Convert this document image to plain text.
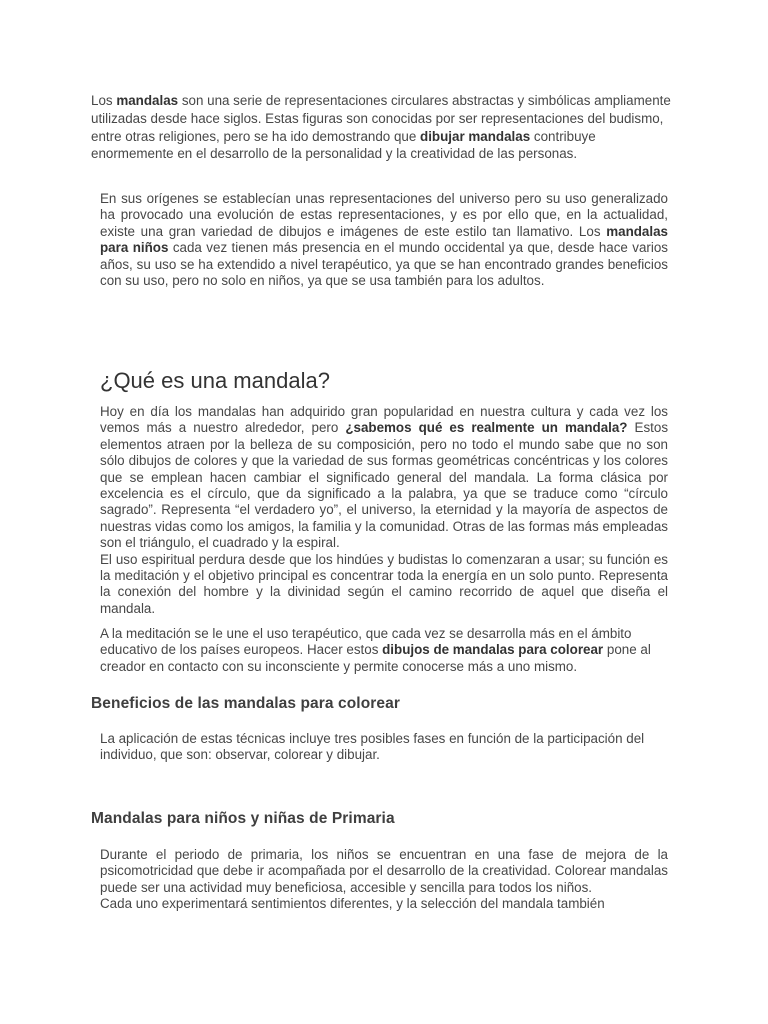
Los mandalas son una serie de representaciones circulares abstractas y simbólicas ampliamente utilizadas desde hace siglos. Estas figuras son conocidas por ser representaciones del budismo, entre otras religiones, pero se ha ido demostrando que dibujar mandalas contribuye enormemente en el desarrollo de la personalidad y la creatividad de las personas.

En sus orígenes se establecían unas representaciones del universo pero su uso generalizado ha provocado una evolución de estas representaciones, y es por ello que, en la actualidad, existe una gran variedad de dibujos e imágenes de este estilo tan llamativo. Los mandalas para niños cada vez tienen más presencia en el mundo occidental ya que, desde hace varios años, su uso se ha extendido a nivel terapéutico, ya que se han encontrado grandes beneficios con su uso, pero no solo en niños, ya que se usa también para los adultos.

¿Qué es una mandala?

Hoy en día los mandalas han adquirido gran popularidad en nuestra cultura y cada vez los vemos más a nuestro alrededor, pero ¿sabemos qué es realmente un mandala? Estos elementos atraen por la belleza de su composición, pero no todo el mundo sabe que no son sólo dibujos de colores y que la variedad de sus formas geométricas concéntricas y los colores que se emplean hacen cambiar el significado general del mandala. La forma clásica por excelencia es el círculo, que da significado a la palabra, ya que se traduce como “círculo sagrado”. Representa “el verdadero yo”, el universo, la eternidad y la mayoría de aspectos de nuestras vidas como los amigos, la familia y la comunidad. Otras de las formas más empleadas son el triángulo, el cuadrado y la espiral.
El uso espiritual perdura desde que los hindúes y budistas lo comenzaran a usar; su función es la meditación y el objetivo principal es concentrar toda la energía en un solo punto. Representa la conexión del hombre y la divinidad según el camino recorrido de aquel que diseña el mandala.

A la meditación se le une el uso terapéutico, que cada vez se desarrolla más en el ámbito educativo de los países europeos. Hacer estos dibujos de mandalas para colorear pone al creador en contacto con su inconsciente y permite conocerse más a uno mismo.

Beneficios de las mandalas para colorear

La aplicación de estas técnicas incluye tres posibles fases en función de la participación del individuo, que son: observar, colorear y dibujar.

Mandalas para niños y niñas de Primaria

Durante el periodo de primaria, los niños se encuentran en una fase de mejora de la psicomotricidad que debe ir acompañada por el desarrollo de la creatividad. Colorear mandalas puede ser una actividad muy beneficiosa, accesible y sencilla para todos los niños.
Cada uno experimentará sentimientos diferentes, y la selección del mandala también
